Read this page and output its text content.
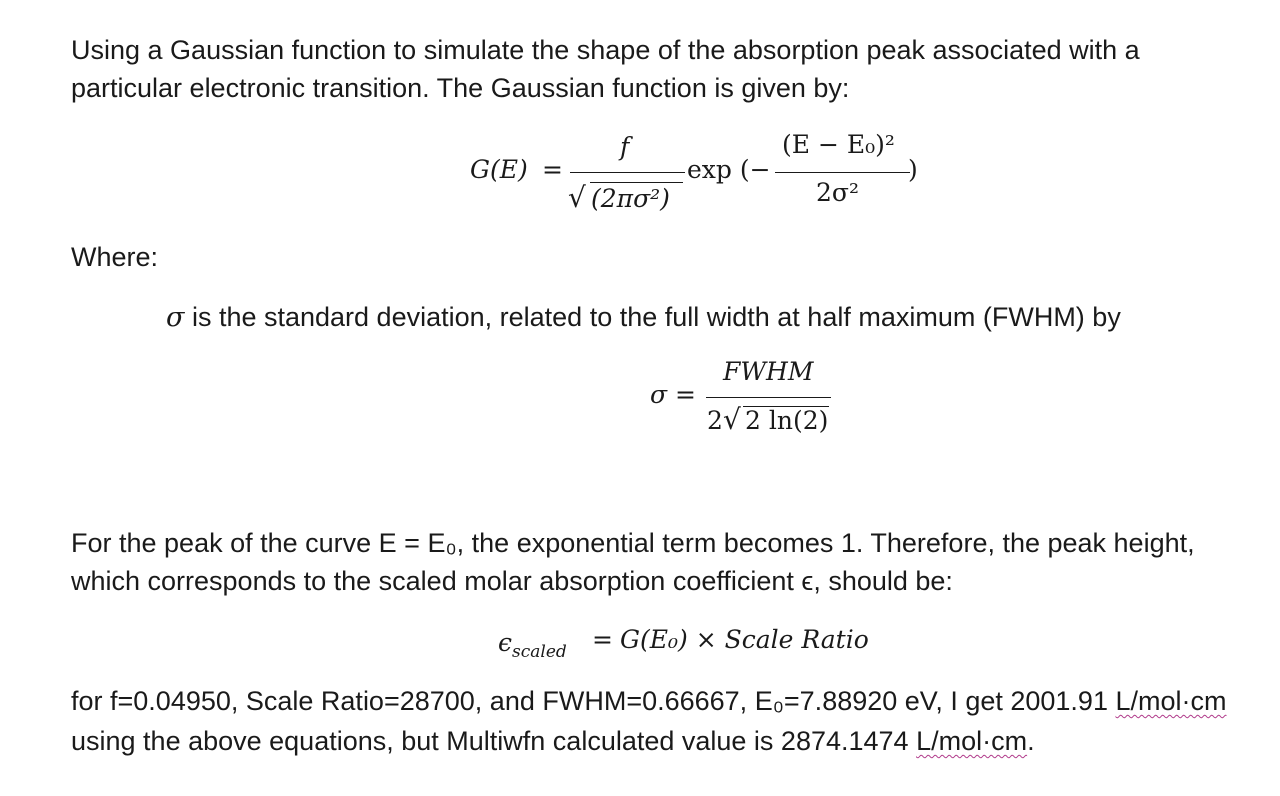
Using a Gaussian function to simulate the shape of the absorption peak associated with a
particular electronic transition. The Gaussian function is given by:
G(E) =
f
√ (2πσ²)
exp (−
(E − E₀)²
2σ²
)
Where:
σ is the standard deviation, related to the full width at half maximum (FWHM) by
σ =
FWHM
2 √ 2 ln(2)
For the peak of the curve E = E₀, the exponential term becomes 1. Therefore, the peak height,
which corresponds to the scaled molar absorption coefficient ϵ, should be:
$\epsilon_{scaled} = G(E_0)$ × Scale Ratio
for f=0.04950, Scale Ratio=28700, and FWHM=0.66667, E₀=7.88920 eV, I get 2001.91 L/mol·cm
using the above equations, but Multiwfn calculated value is 2874.1474 L/mol·cm.
